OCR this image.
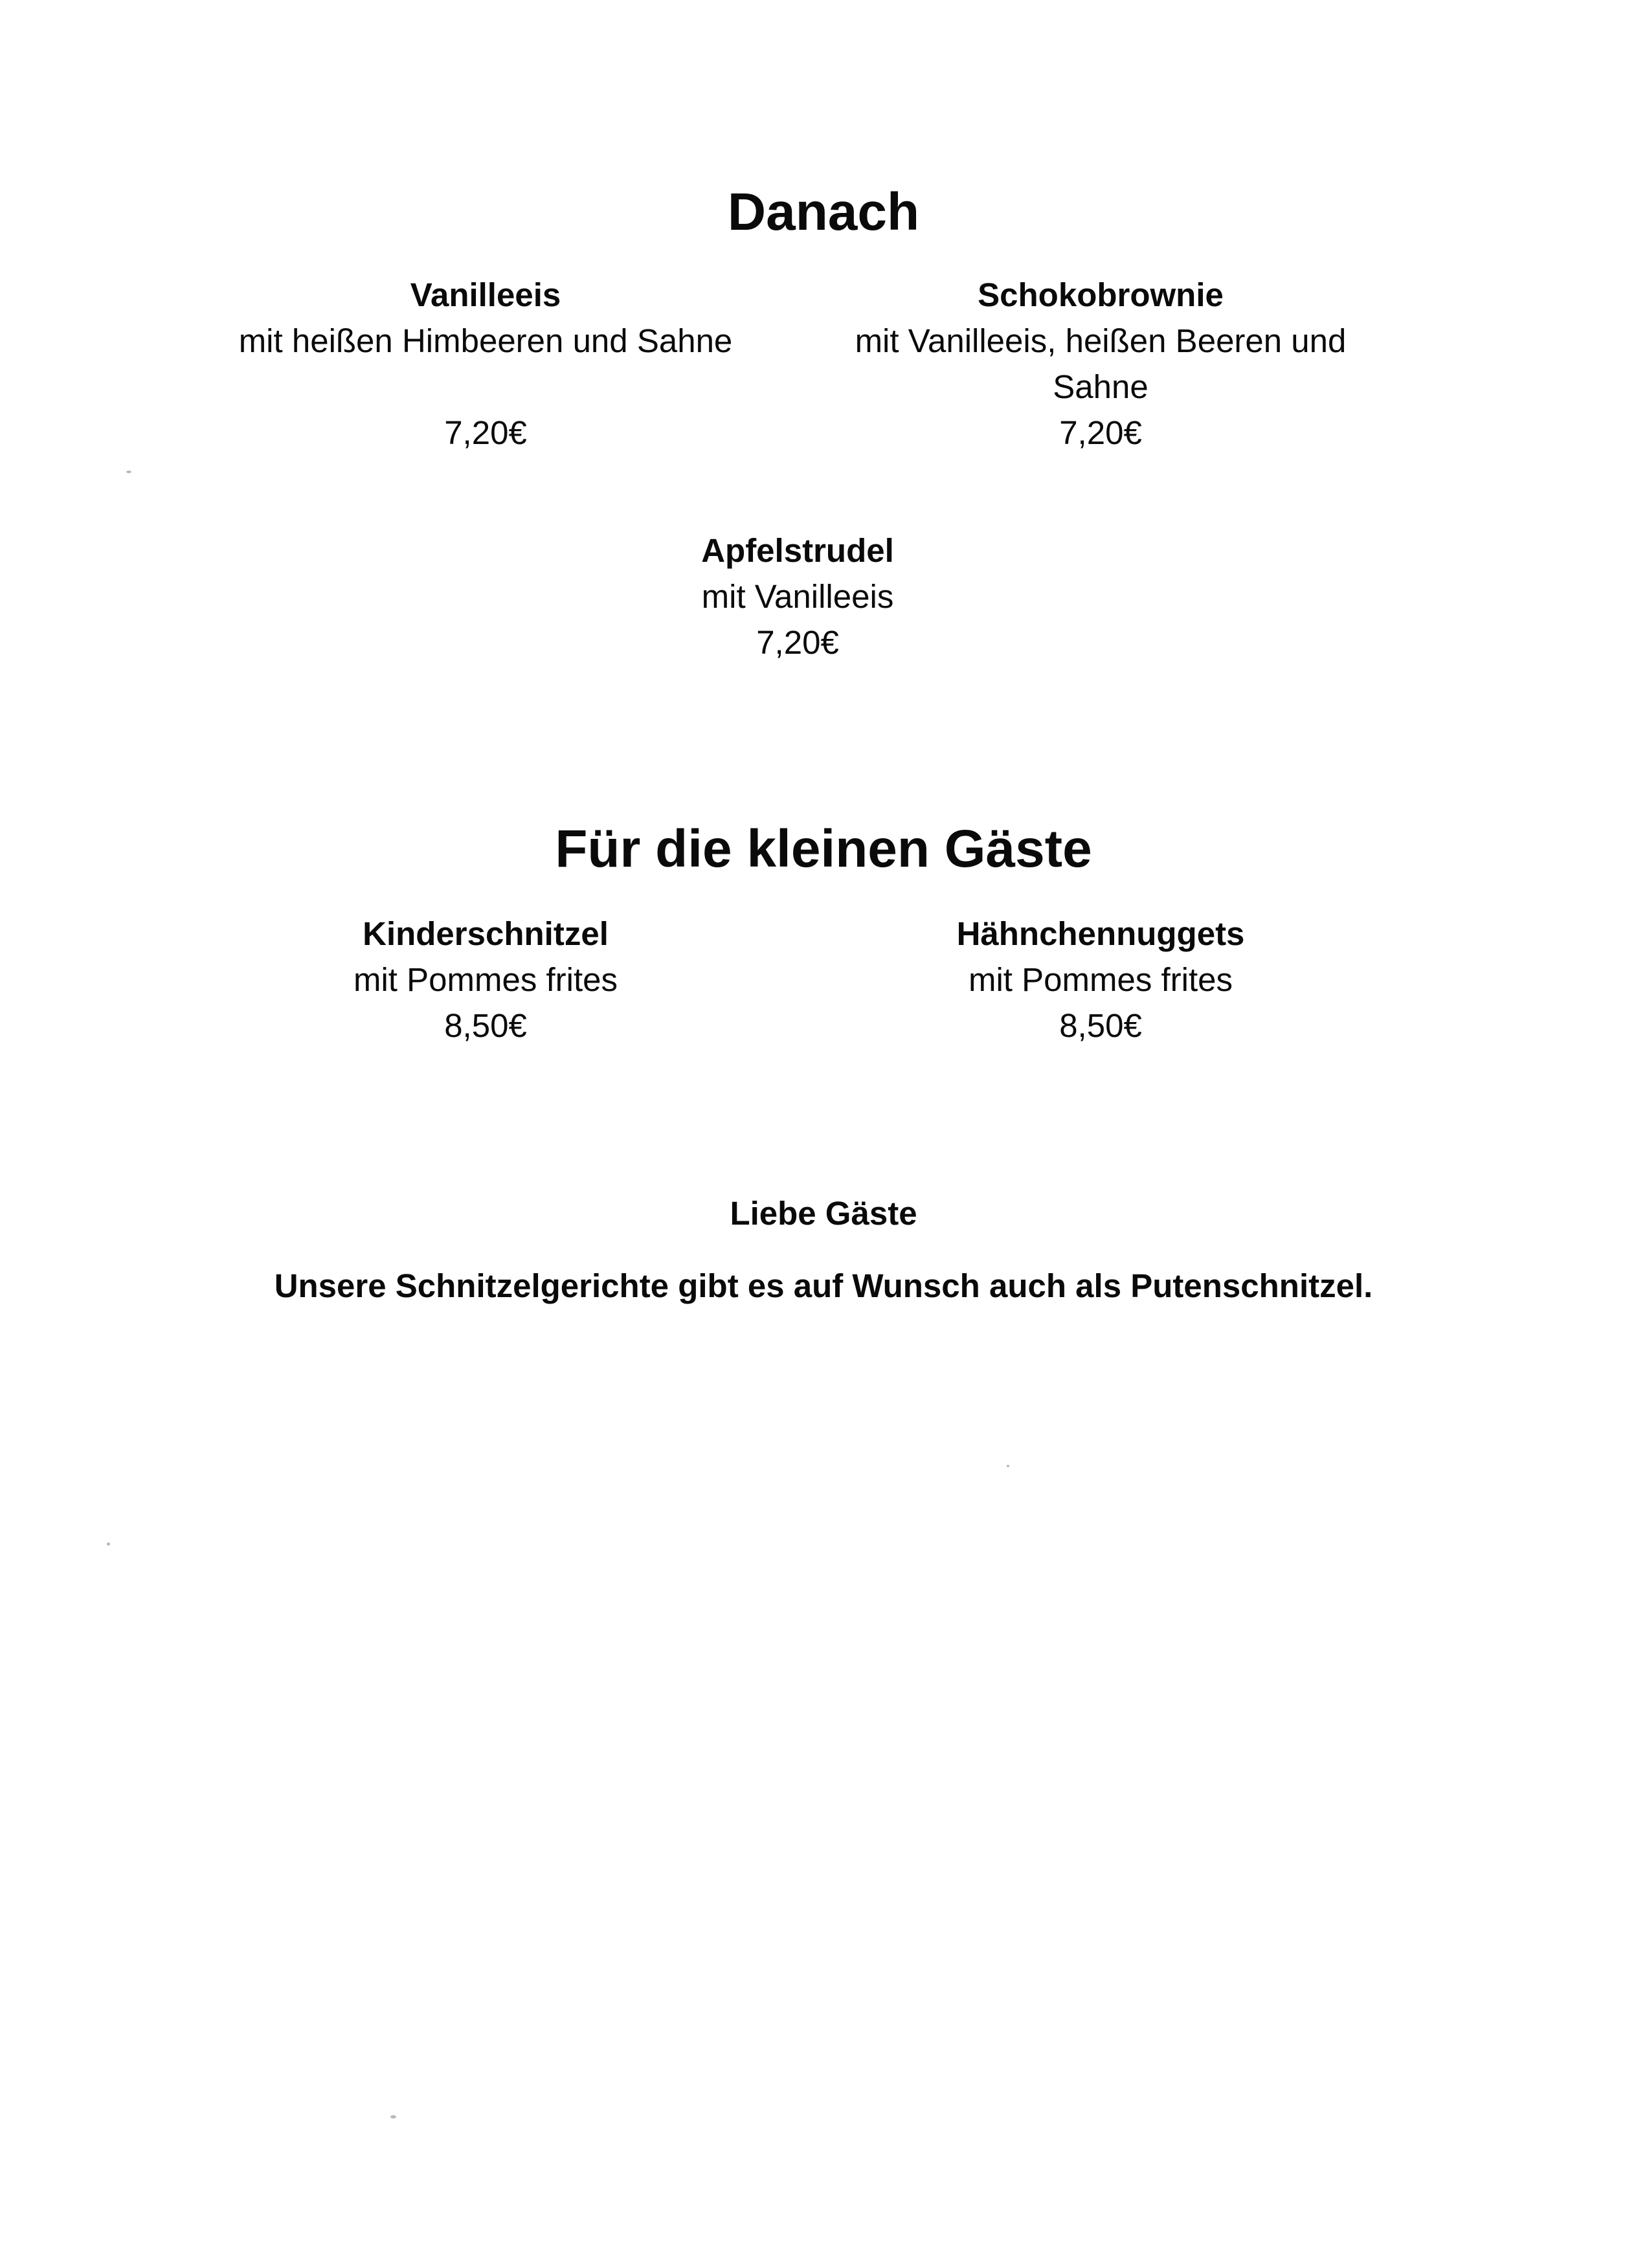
Danach
Vanilleeis
mit heißen Himbeeren und Sahne

7,20€
Schokobrownie
mit Vanilleeis, heißen Beeren und
Sahne
7,20€
Apfelstrudel
mit Vanilleeis
7,20€
Für die kleinen Gäste
Kinderschnitzel
mit Pommes frites
8,50€
Hähnchennuggets
mit Pommes frites
8,50€
Liebe Gäste
Unsere Schnitzelgerichte gibt es auf Wunsch auch als Putenschnitzel.
